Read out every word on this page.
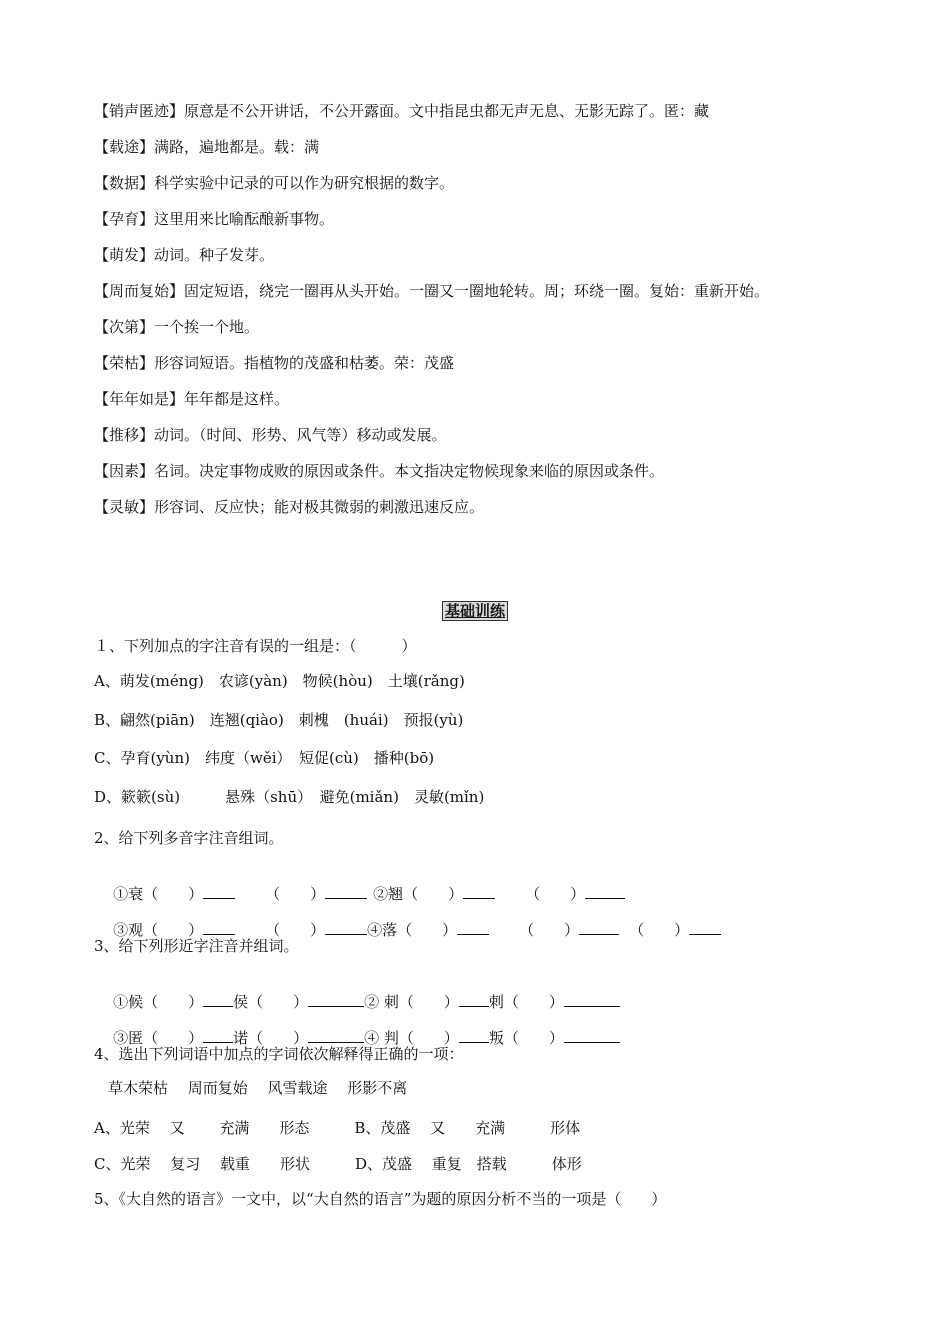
【销声匿迹】原意是不公开讲话，不公开露面。文中指昆虫都无声无息、无影无踪了。匿：藏
【载途】满路，遍地都是。载：满
【数据】科学实验中记录的可以作为研究根据的数字。
【孕育】这里用来比喻酝酿新事物。
【萌发】动词。种子发芽。
【周而复始】固定短语，绕完一圈再从头开始。一圈又一圈地轮转。周；环绕一圈。复始：重新开始。
【次第】一个挨一个地。
【荣枯】形容词短语。指植物的茂盛和枯萎。荣：茂盛
【年年如是】年年都是这样。
【推移】动词。（时间、形势、风气等）移动或发展。
【因素】名词。决定事物成败的原因或条件。本文指决定物候现象来临的原因或条件。
【灵敏】形容词、反应快；能对极其微弱的刺激迅速反应。
基础训练
１、下列加点的字注音有误的一组是：（　　　）
A、萌发(méng)　农谚(yàn)　物候(hòu)　土壤(rǎng)
B、翩然(piān)　连翘(qiào)　刺槐　(huái)　预报(yù)
C、孕育(yùn)　纬度（wěi）　短促(cù)　播种(bō)
D、簌簌(sù)　　　悬殊（shū）　避免(miǎn)　灵敏(mǐn)
2、给下列多音字注音组词。

①衰（　　）	（　　）	②翘（　　）	（　　）

③观（　　）	（　　）	④落（　　）	（　　）	（　　）

3、给下列形近字注音并组词。

①候（　　） 侯（　　）	② 刺（　　） 剌（　　）

③匿（　　） 诺（　　）	④ 判（　　） 叛（　　）

4、选出下列词语中加点的字词依次解释得正确的一项：
草木荣枯　 周而复始　 风雪载途　 形影不离
A、光荣　 又　　 充满　　形态　　　B、茂盛　 又　　充满　　　形体
C、光荣　 复习　 载重　　形状　　　D、茂盛　 重复　搭载　　　体形
5、《大自然的语言》一文中，以“大自然的语言”为题的原因分析不当的一项是（　　）
